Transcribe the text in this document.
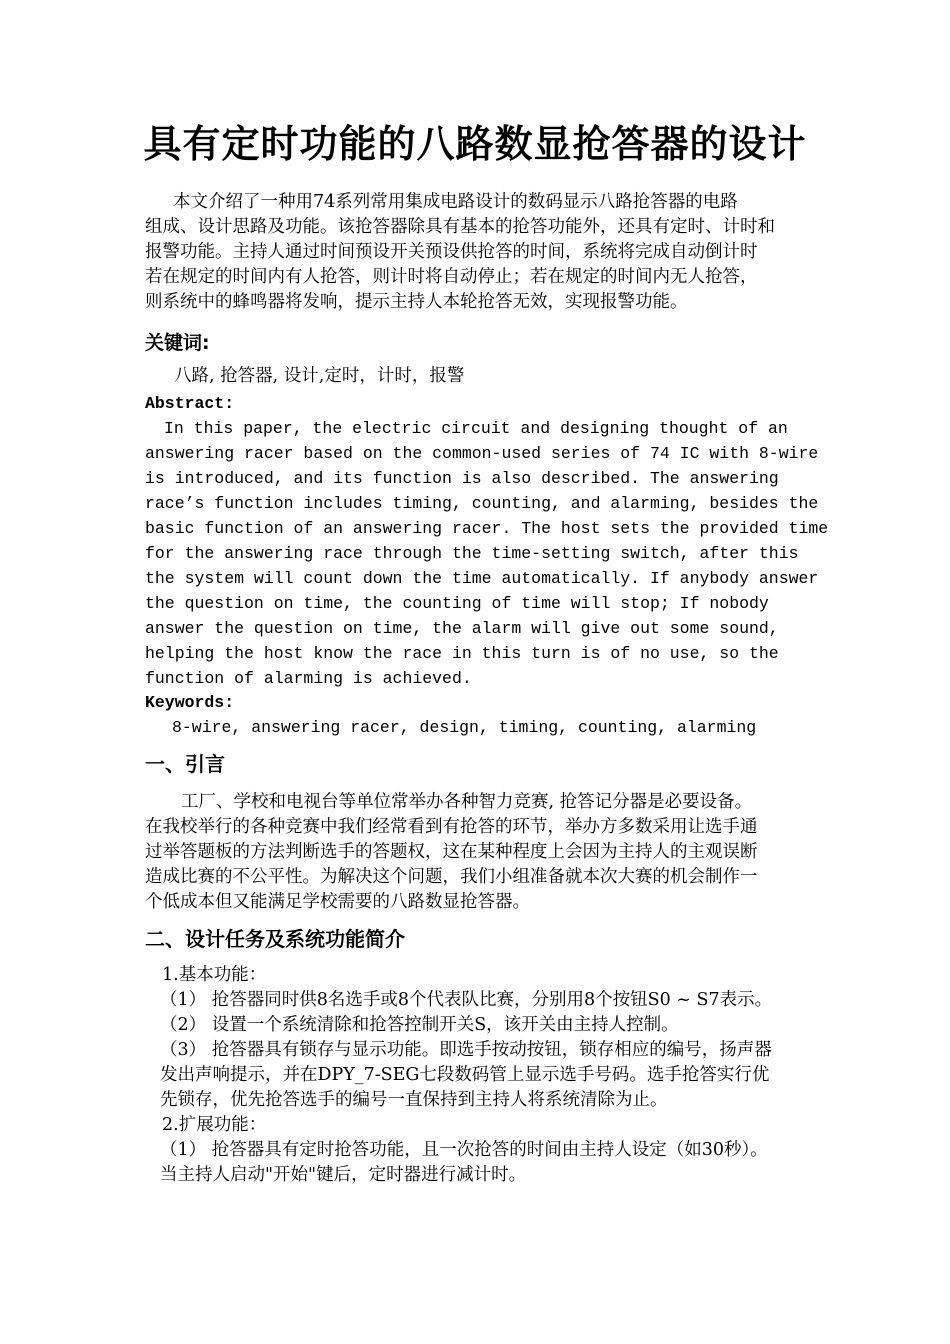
具有定时功能的八路数显抢答器的设计

本文介绍了一种用74系列常用集成电路设计的数码显示八路抢答器的电路

组成、设计思路及功能。该抢答器除具有基本的抢答功能外，还具有定时、计时和

报警功能。主持人通过时间预设开关预设供抢答的时间，系统将完成自动倒计时

若在规定的时间内有人抢答，则计时将自动停止；若在规定的时间内无人抢答，

则系统中的蜂鸣器将发响，提示主持人本轮抢答无效，实现报警功能。

关键词:

八路, 抢答器, 设计,定时，计时，报警

Abstract:

In this paper, the electric circuit and designing thought of an

answering racer based on the common-used series of 74 IC with 8-wire

is introduced, and its function is also described. The answering

race’s function includes timing, counting, and alarming, besides the

basic function of an answering racer. The host sets the provided time

for the answering race through the time-setting switch, after this

the system will count down the time automatically. If anybody answer

the question on time, the counting of time will stop; If nobody

answer the question on time, the alarm will give out some sound,

helping the host know the race in this turn is of no use, so the

function of alarming is achieved.

Keywords:

8-wire, answering racer, design, timing, counting, alarming

一、引言

工厂、学校和电视台等单位常举办各种智力竞赛, 抢答记分器是必要设备。

在我校举行的各种竞赛中我们经常看到有抢答的环节，举办方多数采用让选手通

过举答题板的方法判断选手的答题权，这在某种程度上会因为主持人的主观误断

造成比赛的不公平性。为解决这个问题，我们小组准备就本次大赛的机会制作一

个低成本但又能满足学校需要的八路数显抢答器。

二、设计任务及系统功能简介

1.基本功能：

（1） 抢答器同时供8名选手或8个代表队比赛，分别用8个按钮S0 ~ S7表示。

（2） 设置一个系统清除和抢答控制开关S，该开关由主持人控制。

（3） 抢答器具有锁存与显示功能。即选手按动按钮，锁存相应的编号，扬声器

发出声响提示，并在DPY_7-SEG七段数码管上显示选手号码。选手抢答实行优

先锁存，优先抢答选手的编号一直保持到主持人将系统清除为止。

2.扩展功能：

（1） 抢答器具有定时抢答功能，且一次抢答的时间由主持人设定（如30秒）。

当主持人启动"开始"键后，定时器进行减计时。
